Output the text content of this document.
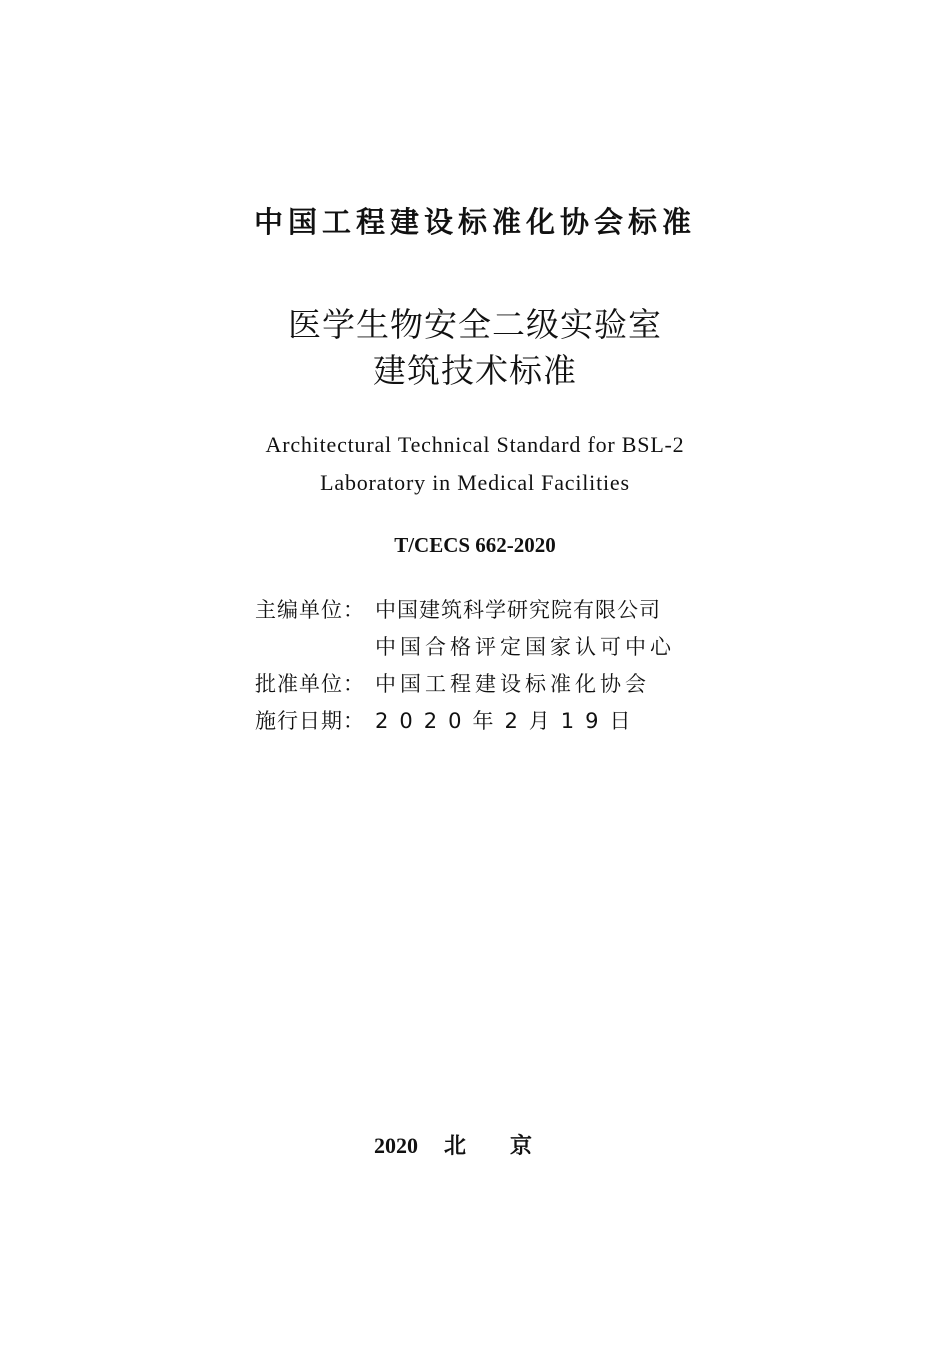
中国工程建设标准化协会标准
医学生物安全二级实验室
建筑技术标准
Architectural Technical Standard for BSL-2
Laboratory in Medical Facilities
T/CECS 662-2020
主编单位： 中国建筑科学研究院有限公司
中国合格评定国家认可中心
批准单位： 中国工程建设标准化协会
施行日期： 2020年2月19日
2020 北京
